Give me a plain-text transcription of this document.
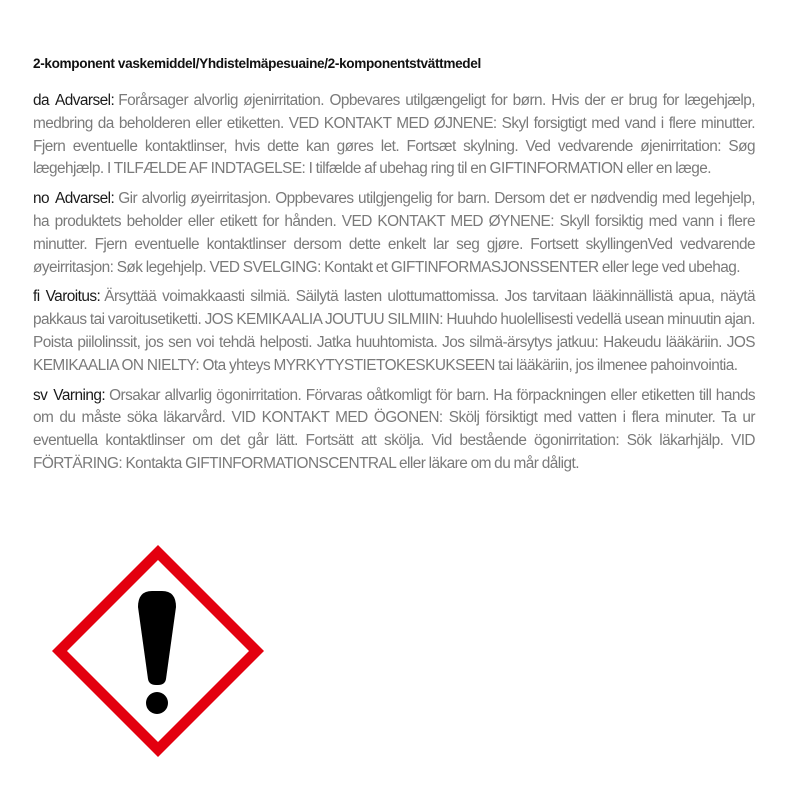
2-komponent vaskemiddel/Yhdistelmäpesuaine/2-komponentstvättmedel

da Advarsel: Forårsager alvorlig øjenirritation. Opbevares utilgængeligt for børn. Hvis der er brug for lægehjælp, medbring da beholderen eller etiketten. VED KONTAKT MED ØJNENE: Skyl forsigtigt med vand i flere minutter. Fjern eventuelle kontaktlinser, hvis dette kan gøres let. Fortsæt skylning. Ved vedvarende øjenirritation: Søg lægehjælp. I TILFÆLDE AF INDTAGELSE: I tilfælde af ubehag ring til en GIFTINFORMATION eller en læge.

no Advarsel: Gir alvorlig øyeirritasjon. Oppbevares utilgjengelig for barn. Dersom det er nødvendig med legehjelp, ha produktets beholder eller etikett for hånden. VED KONTAKT MED ØYNENE: Skyll forsiktig med vann i flere minutter. Fjern eventuelle kontaktlinser dersom dette enkelt lar seg gjøre. Fortsett skyllingenVed vedvarende øyeirritasjon: Søk legehjelp. VED SVELGING: Kontakt et GIFTINFORMASJONSSENTER eller lege ved ubehag.

fi Varoitus: Ärsyttää voimakkaasti silmiä. Säilytä lasten ulottumattomissa. Jos tarvitaan lääkinnällistä apua, näytä pakkaus tai varoitusetiketti. JOS KEMIKAALIA JOUTUU SILMIIN: Huuhdo huolellisesti vedellä usean minuutin ajan. Poista piilolinssit, jos sen voi tehdä helposti. Jatka huuhtomista. Jos silmä-ärsytys jatkuu: Hakeudu lääkäriin. JOS KEMIKAALIA ON NIELTY: Ota yhteys MYRKYTYSTIETOKESKUKSEEN tai lääkäriin, jos ilmenee pahoinvointia.

sv Varning: Orsakar allvarlig ögonirritation. Förvaras oåtkomligt för barn. Ha förpackningen eller etiketten till hands om du måste söka läkarvård. VID KONTAKT MED ÖGONEN: Skölj försiktigt med vatten i flera minuter. Ta ur eventuella kontaktlinser om det går lätt. Fortsätt att skölja. Vid bestående ögonirritation: Sök läkarhjälp. VID FÖRTÄRING: Kontakta GIFTINFORMATIONSCENTRAL eller läkare om du mår dåligt.
